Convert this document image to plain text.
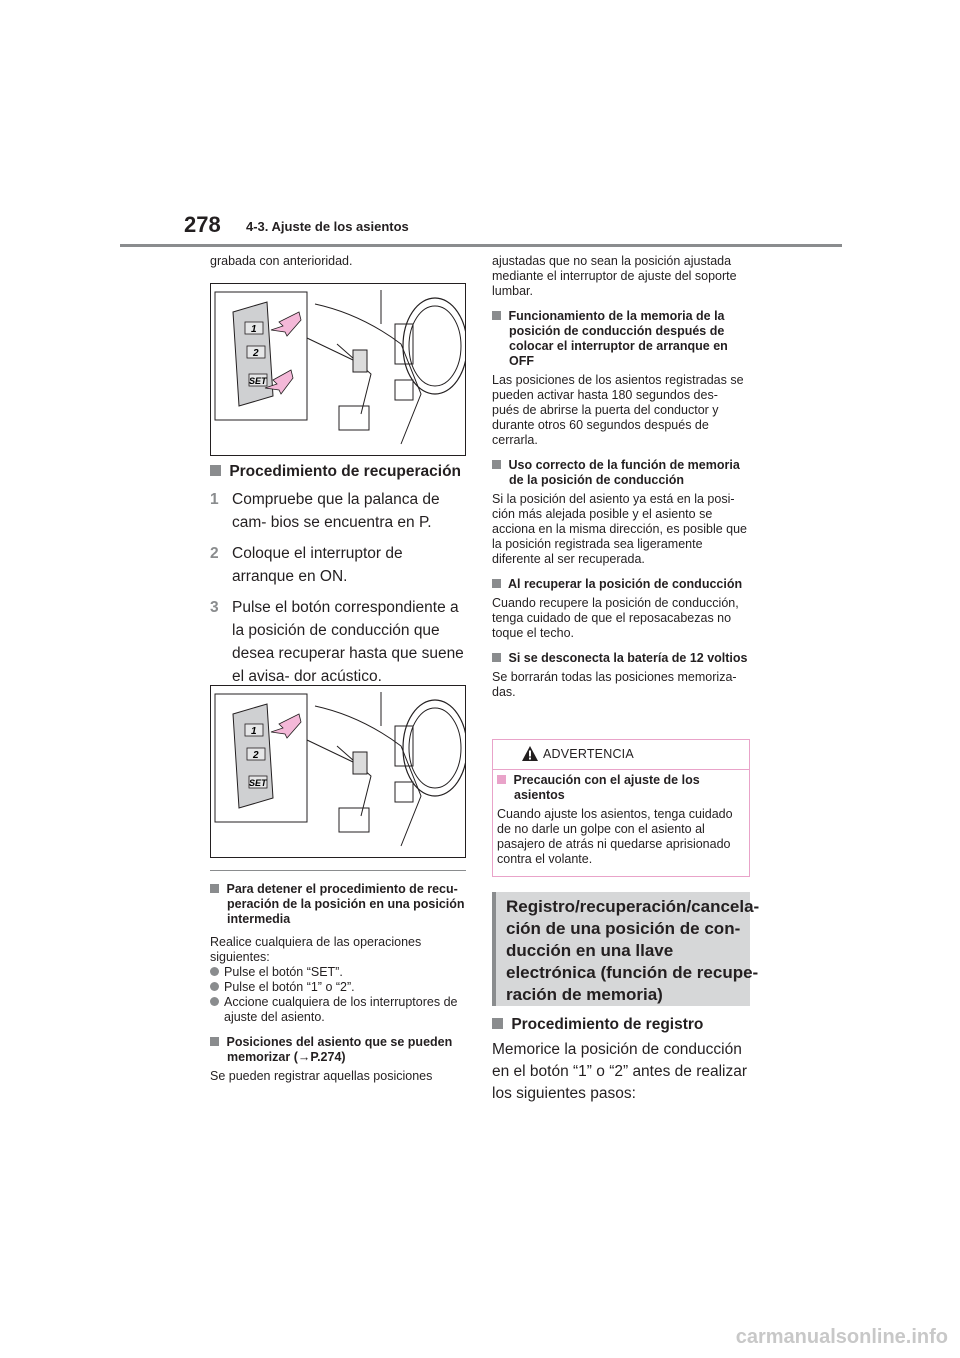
278 4-3. Ajuste de los asientos

grabada con anterioridad.

1
2
SET

Procedimiento de recuperación

1 Compruebe que la palanca de cam- bios se encuentra en P.

2 Coloque el interruptor de arranque en ON.

3 Pulse el botón correspondiente a la posición de conducción que desea recuperar hasta que suene el avisa- dor acústico.

1
2
SET

Para detener el procedimiento de recu- peración de la posición en una posición intermedia

Realice cualquiera de las operaciones siguientes:

Pulse el botón “SET”.

Pulse el botón “1” o “2”.

Accione cualquiera de los interruptores de ajuste del asiento.

Posiciones del asiento que se pueden memorizar (→P.274)

Se pueden registrar aquellas posiciones

ajustadas que no sean la posición ajustada mediante el interruptor de ajuste del soporte lumbar.

Funcionamiento de la memoria de la posición de conducción después de colocar el interruptor de arranque en OFF

Las posiciones de los asientos registradas se pueden activar hasta 180 segundos des- pués de abrirse la puerta del conductor y durante otros 60 segundos después de cerrarla.

Uso correcto de la función de memoria de la posición de conducción

Si la posición del asiento ya está en la posi- ción más alejada posible y el asiento se acciona en la misma dirección, es posible que la posición registrada sea ligeramente diferente al ser recuperada.

Al recuperar la posición de conducción

Cuando recupere la posición de conducción, tenga cuidado de que el reposacabezas no toque el techo.

Si se desconecta la batería de 12 voltios

Se borrarán todas las posiciones memoriza- das.

ADVERTENCIA

Precaución con el ajuste de los asientos

Cuando ajuste los asientos, tenga cuidado de no darle un golpe con el asiento al pasajero de atrás ni quedarse aprisionado contra el volante.

Registro/recuperación/cancela-
ción de una posición de con-
ducción en una llave
electrónica (función de recupe-
ración de memoria)

Procedimiento de registro

Memorice la posición de conducción en el botón “1” o “2” antes de realizar los siguientes pasos:

carmanualsonline.info
